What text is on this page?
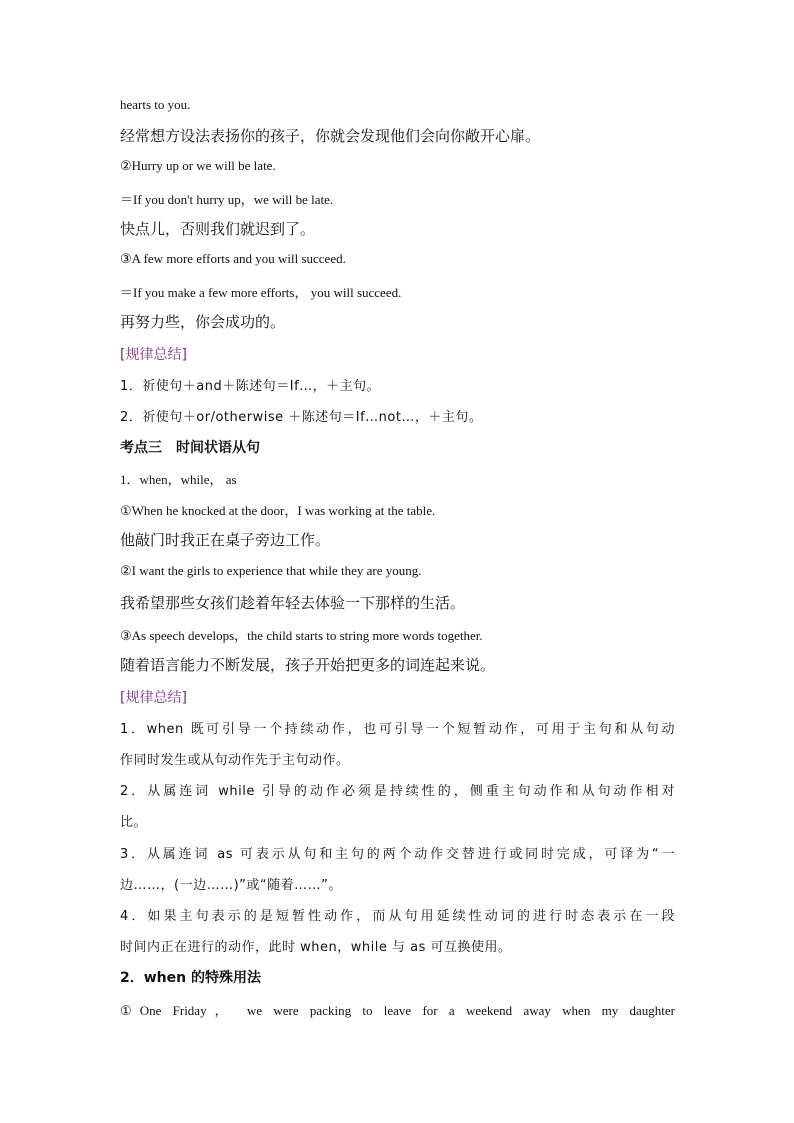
hearts to you.
经常想方设法表扬你的孩子，你就会发现他们会向你敞开心扉。
②Hurry up or we will be late.
＝If you don't hurry up，we will be late.
快点儿，否则我们就迟到了。
③A few more efforts and you will succeed.
＝If you make a few more efforts， you will succeed.
再努力些，你会成功的。
[规律总结]
1．祈使句＋and＋陈述句＝If…，＋主句。
2．祈使句＋or/otherwise ＋陈述句＝If…not…，＋主句。
考点三　时间状语从句
1．when，while， as
①When he knocked at the door，I was working at the table.
他敲门时我正在桌子旁边工作。
②I want the girls to experience that while they are young.
我希望那些女孩们趁着年轻去体验一下那样的生活。
③As speech develops，the child starts to string more words together.
随着语言能力不断发展，孩子开始把更多的词连起来说。
[规律总结]
1．when 既可引导一个持续动作，也可引导一个短暂动作，可用于主句和从句动
作同时发生或从句动作先于主句动作。
2．从属连词 while 引导的动作必须是持续性的，侧重主句动作和从句动作相对
比。
3．从属连词 as 可表示从句和主句的两个动作交替进行或同时完成，可译为“一
边……，(一边……)”或“随着……”。
4．如果主句表示的是短暂性动作，而从句用延续性动词的进行时态表示在一段
时间内正在进行的动作，此时 when，while 与 as 可互换使用。
2．when 的特殊用法
①One Friday， we were packing to leave for a weekend away when my daughter
